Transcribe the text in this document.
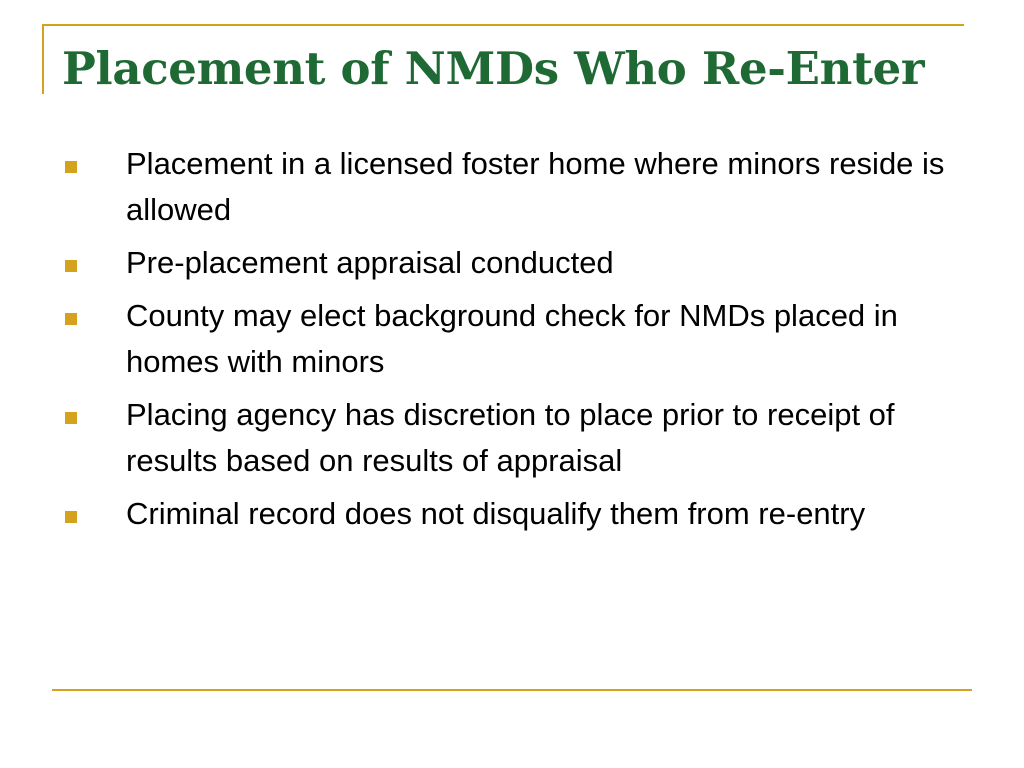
Placement of NMDs Who Re-Enter
Placement in a licensed foster home where minors reside is allowed
Pre-placement appraisal conducted
County may elect background check for NMDs placed in homes with minors
Placing agency has discretion to place prior to receipt of results based on results of appraisal
Criminal record does not disqualify them from re-entry
